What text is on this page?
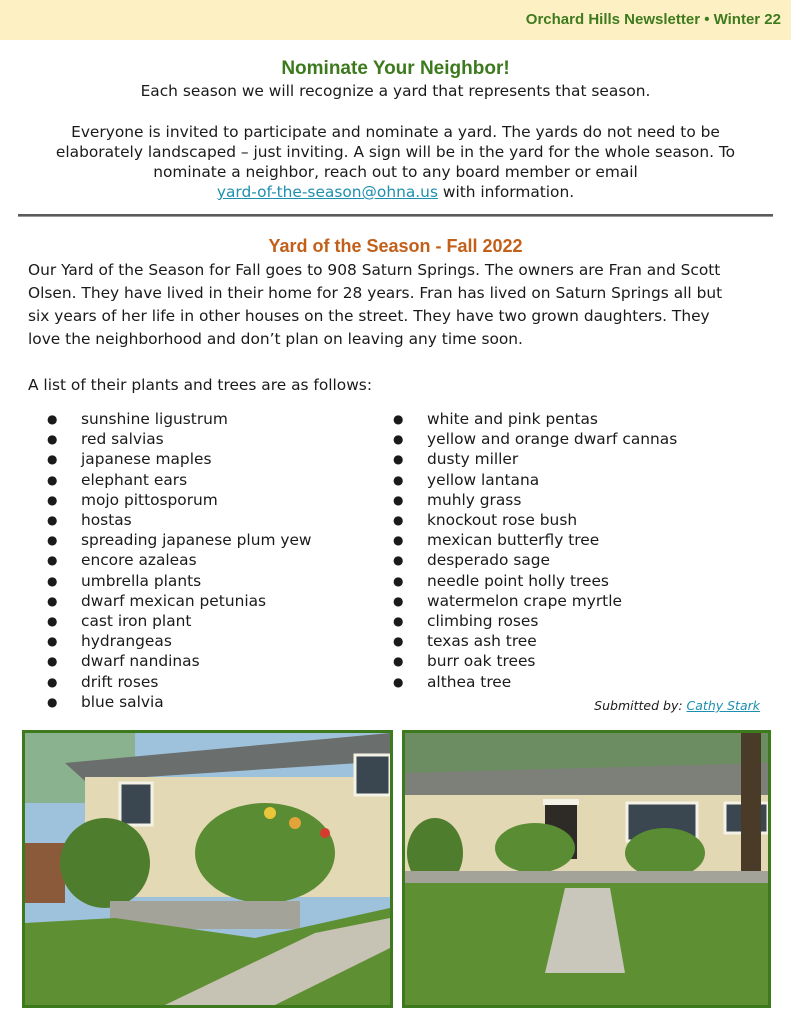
Orchard Hills Newsletter • Winter 22
Nominate Your Neighbor!
Each season we will recognize a yard that represents that season.
Everyone is invited to participate and nominate a yard. The yards do not need to be
elaborately landscaped – just inviting. A sign will be in the yard for the whole season. To
nominate a neighbor, reach out to any board member or email
yard-of-the-season@ohna.us with information.
Yard of the Season - Fall 2022
Our Yard of the Season for Fall goes to 908 Saturn Springs. The owners are Fran and Scott
Olsen. They have lived in their home for 28 years. Fran has lived on Saturn Springs all but
six years of her life in other houses on the street. They have two grown daughters. They
love the neighborhood and don’t plan on leaving any time soon.
A list of their plants and trees are as follows:
● sunshine ligustrum
● red salvias
● japanese maples
● elephant ears
● mojo pittosporum
● hostas
● spreading japanese plum yew
● encore azaleas
● umbrella plants
● dwarf mexican petunias
● cast iron plant
● hydrangeas
● dwarf nandinas
● drift roses
● blue salvia
● white and pink pentas
● yellow and orange dwarf cannas
● dusty miller
● yellow lantana
● muhly grass
● knockout rose bush
● mexican butterfly tree
● desperado sage
● needle point holly trees
● watermelon crape myrtle
● climbing roses
● texas ash tree
● burr oak trees
● althea tree
Submitted by: Cathy Stark
